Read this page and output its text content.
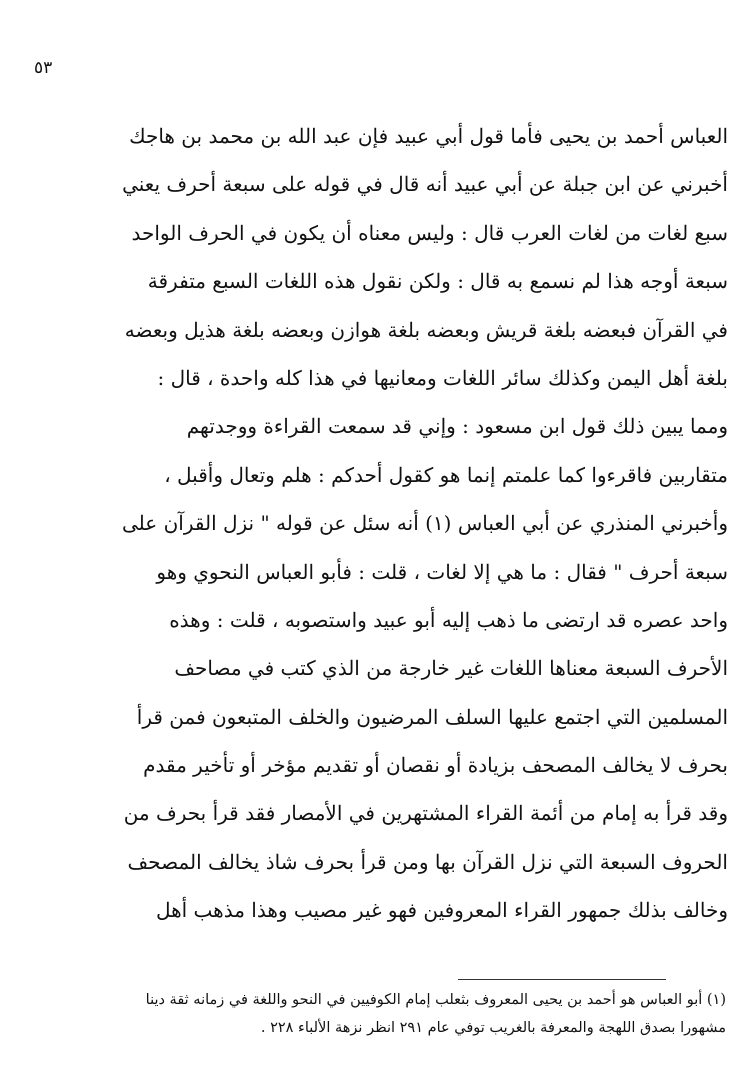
٥٣
العباس أحمد بن يحيى فأما قول أبي عبيد فإن عبد الله بن محمد بن هاجك
أخبرني عن ابن جبلة عن أبي عبيد أنه قال في قوله على سبعة أحرف يعني
سبع لغات من لغات العرب قال : وليس معناه أن يكون في الحرف الواحد
سبعة أوجه هذا لم نسمع به قال : ولكن نقول هذه اللغات السبع متفرقة
في القرآن فبعضه بلغة قريش وبعضه بلغة هوازن وبعضه بلغة هذيل وبعضه
بلغة أهل اليمن وكذلك سائر اللغات ومعانيها في هذا كله واحدة ، قال :
ومما يبين ذلك قول ابن مسعود : وإني قد سمعت القراءة ووجدتهم
متقاربين فاقرءوا كما علمتم إنما هو كقول أحدكم : هلم وتعال وأقبل ،
وأخبرني المنذري عن أبي العباس (١) أنه سئل عن قوله " نزل القرآن على
سبعة أحرف " فقال : ما هي إلا لغات ، قلت : فأبو العباس النحوي وهو
واحد عصره قد ارتضى ما ذهب إليه أبو عبيد واستصوبه ، قلت : وهذه
الأحرف السبعة معناها اللغات غير خارجة من الذي كتب في مصاحف
المسلمين التي اجتمع عليها السلف المرضيون والخلف المتبعون فمن قرأ
بحرف لا يخالف المصحف بزيادة أو نقصان أو تقديم مؤخر أو تأخير مقدم
وقد قرأ به إمام من أئمة القراء المشتهرين في الأمصار فقد قرأ بحرف من
الحروف السبعة التي نزل القرآن بها ومن قرأ بحرف شاذ يخالف المصحف
وخالف بذلك جمهور القراء المعروفين فهو غير مصيب وهذا مذهب أهل
(١) أبو العباس هو أحمد بن يحيى المعروف بثعلب إمام الكوفيين في النحو واللغة في زمانه ثقة دينا
مشهورا بصدق اللهجة والمعرفة بالغريب توفي عام ٢٩١ انظر نزهة الألباء ٢٢٨ .
